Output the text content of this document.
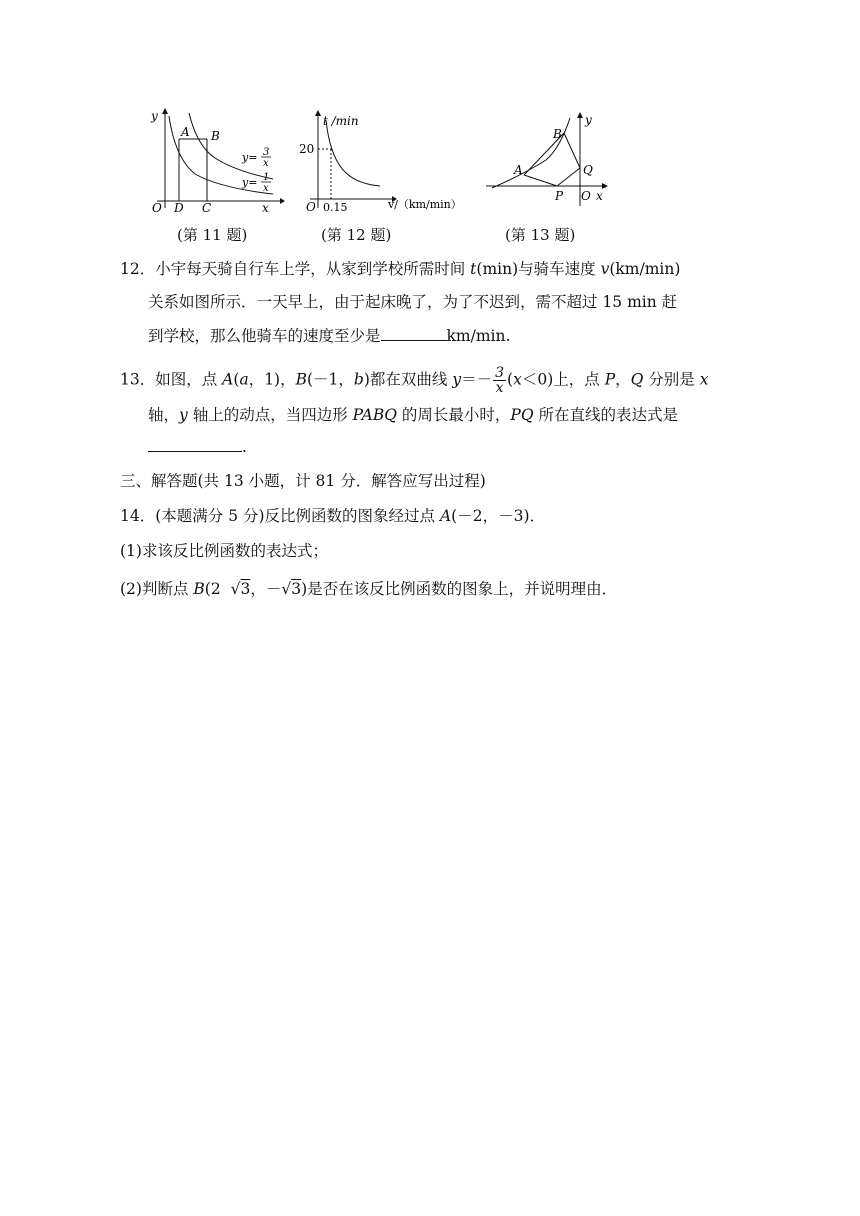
y
x
O
A B
D C
y= 3
x
y= 1
x
(第 11 题)
t /min
20
O 0.15	v/（km/min）
(第 12 题)
y
x
O
A
B
P
Q
(第 13 题)
12．小宇每天骑自行车上学，从家到学校所需时间 t(min)与骑车速度 v(km/min)
关系如图所示．一天早上，由于起床晚了，为了不迟到，需不超过 15 min 赶
到学校，那么他骑车的速度至少是	km/min.
13．如图，点 A(a，1)，B(－1，b)都在双曲线 $y=- \frac{3}{x} (x<0)$上，点 P，Q 分别是 x
轴，y 轴上的动点，当四边形 PABQ 的周长最小时，PQ 所在直线的表达式是
.
三、解答题(共 13 小题，计 81 分．解答应写出过程)
14．(本题满分 5 分)反比例函数的图象经过点 A(－2，－3)．
(1)求该反比例函数的表达式；
(2)判断点 B(2 √3，－√3)是否在该反比例函数的图象上，并说明理由．
